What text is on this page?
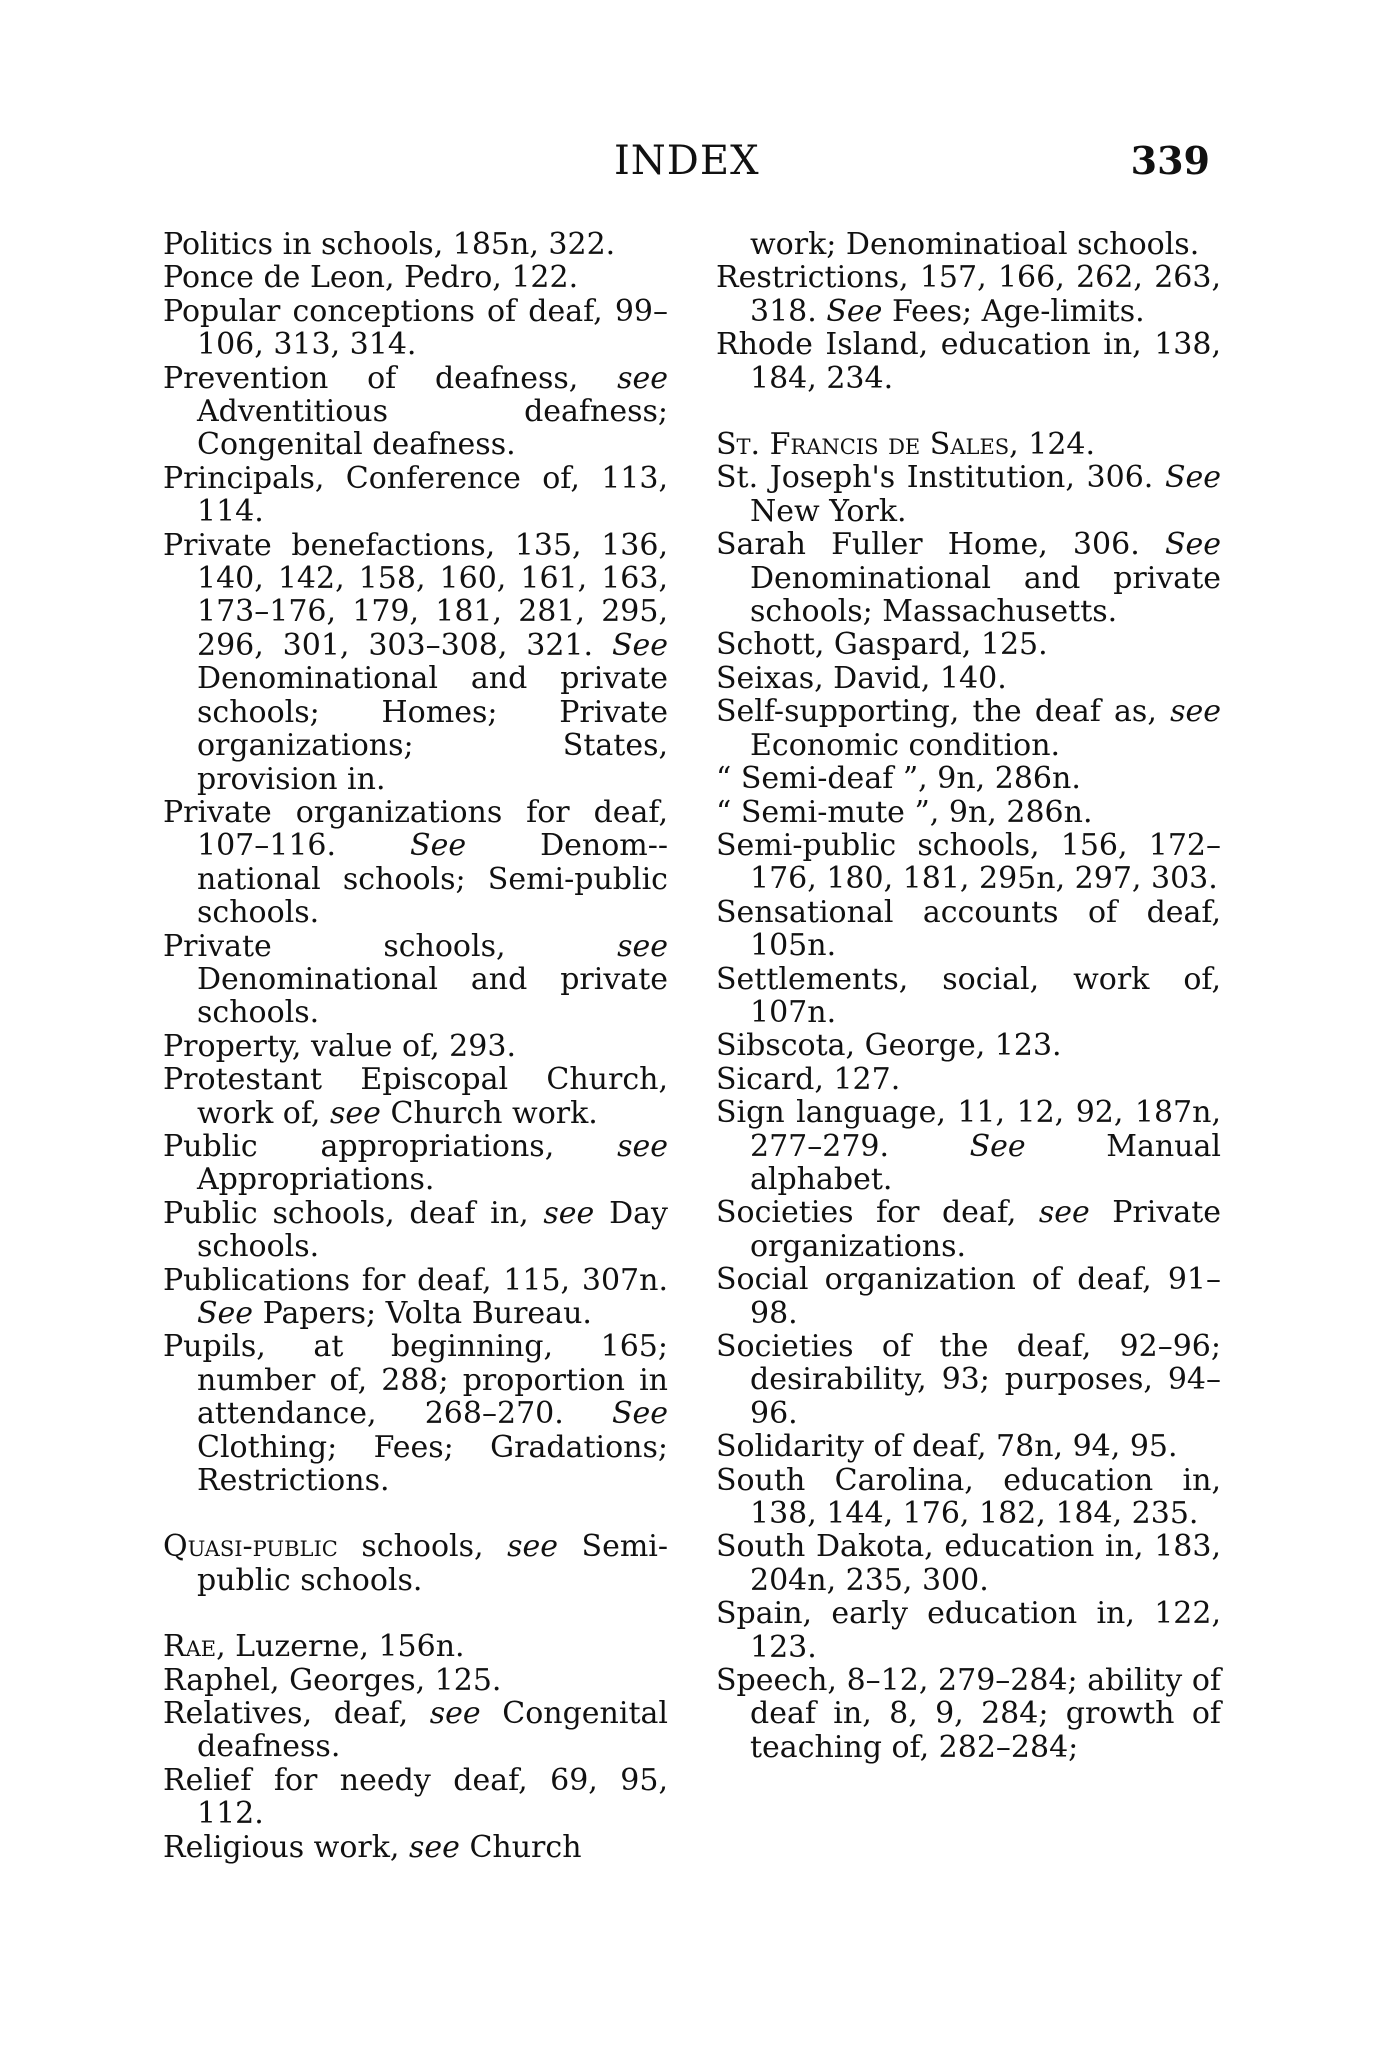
INDEX	339
Politics in schools, 185n, 322.
Ponce de Leon, Pedro, 122.
Popular conceptions of deaf, 99–106, 313, 314.
Prevention of deafness, see Adventitious deafness; Congenital deafness.
Principals, Conference of, 113, 114.
Private benefactions, 135, 136, 140, 142, 158, 160, 161, 163, 173–176, 179, 181, 281, 295, 296, 301, 303–308, 321. See Denominational and private schools; Homes; Private organizations; States, provision in.
Private organizations for deaf, 107–116. See Denom-- national schools; Semi-public schools.
Private schools,	see Denominational and private schools.
Property, value of, 293.
Protestant Episcopal Church, work of, see Church work.
Public appropriations, see Appropriations.
Public schools, deaf in, see Day schools.
Publications for deaf, 115, 307n. See Papers; Volta Bureau.
Pupils, at beginning, 165; number of, 288; proportion in attendance, 268–270. See Clothing; Fees; Gradations; Restrictions.
Quasi-public schools, see Semi-public schools.
Rae, Luzerne, 156n.
Raphel, Georges, 125.
Relatives, deaf, see Congenital deafness.
Relief for needy deaf, 69, 95, 112.
Religious work, see Church
work; Denominatioal schools.
Restrictions, 157, 166, 262, 263, 318. See Fees; Age-limits.
Rhode Island, education in, 138, 184, 234.
St. Francis de Sales, 124.
St. Joseph's Institution, 306. See New York.
Sarah Fuller Home, 306. See Denominational and private schools; Massachusetts.
Schott, Gaspard, 125.
Seixas, David, 140.
Self-supporting, the deaf as, see Economic condition.
“ Semi-deaf ”, 9n, 286n.
“ Semi-mute ”, 9n, 286n.
Semi-public schools, 156, 172–176, 180, 181, 295n, 297, 303.
Sensational accounts of deaf, 105n.
Settlements, social, work of, 107n.
Sibscota, George, 123.
Sicard, 127.
Sign language, 11, 12, 92, 187n, 277–279.	See	Manual alphabet.
Societies for deaf, see Private organizations.
Social organization of deaf, 91–98.
Societies of the deaf, 92–96; desirability, 93; purposes, 94–96.
Solidarity of deaf, 78n, 94, 95.
South Carolina, education in, 138, 144, 176, 182, 184, 235.
South Dakota, education in, 183, 204n, 235, 300.
Spain, early education in, 122, 123.
Speech, 8–12, 279–284; ability of deaf in, 8, 9, 284; growth of teaching of, 282–284;
